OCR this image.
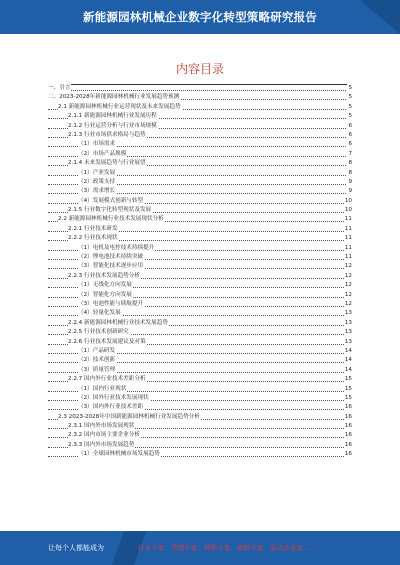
新能源园林机械企业数字化转型策略研究报告
内容目录
一、引言	5
二、2023-2028年新能源园林机械行业发展趋势预测	5
2.1 新能源园林机械行业运营现状及未来发展趋势	5
2.1.1 新能源园林机械行业发展历程	5
2.1.2 行业运营分析与行业市场规模	6
2.1.3 行业市场供求格局与趋势	6
（1）市场需求	6
（2）市场产品规模	7
2.1.4 未来发展趋势与行业展望	8
（1）产业发展	8
（2）政策支持	9
（3）需求增长	9
（4）发展模式创新与转型	10
2.1.5 行业数字化转型现状及发展	10
2.2 新能源园林机械行业技术发展现状分析	11
2.2.1 行业技术研发	11
2.2.2 行业技术现状	11
（1）电机及电控技术持续提升	11
（2）锂电池技术持续突破	11
（3）智能化技术逐步应用	12
2.2.3 行业技术发展趋势分析	12
（1）无线化方向发展	12
（2）智能化方向发展	12
（3）电池性能与续航提升	12
（4）轻量化发展	13
2.2.4 新能源园林机械行业技术发展趋势	13
2.2.5 行业技术创新研究	13
2.2.6 行业技术发展建议及对策	13
（1）产品研发	14
（2）技术创新	14
（3）质量管理	14
2.2.7 国内外行业技术差距分析	15
（1）国内行业现状	15
（2）国外行业技术发展现状	15
（3）国内外行业技术差距	16
2.3 2023-2028年中国新能源园林机械行业发展趋势分析	16
2.3.1 国内外市场发展现状	16
2.3.2 国内市场主要企业分析	16
2.3.3 国内外市场发展趋势	16
（1）全球园林机械市场发展趋势	16
让每个人都能成为	行业专家、管理专家、营销专家、战略专家、成功企业家……
